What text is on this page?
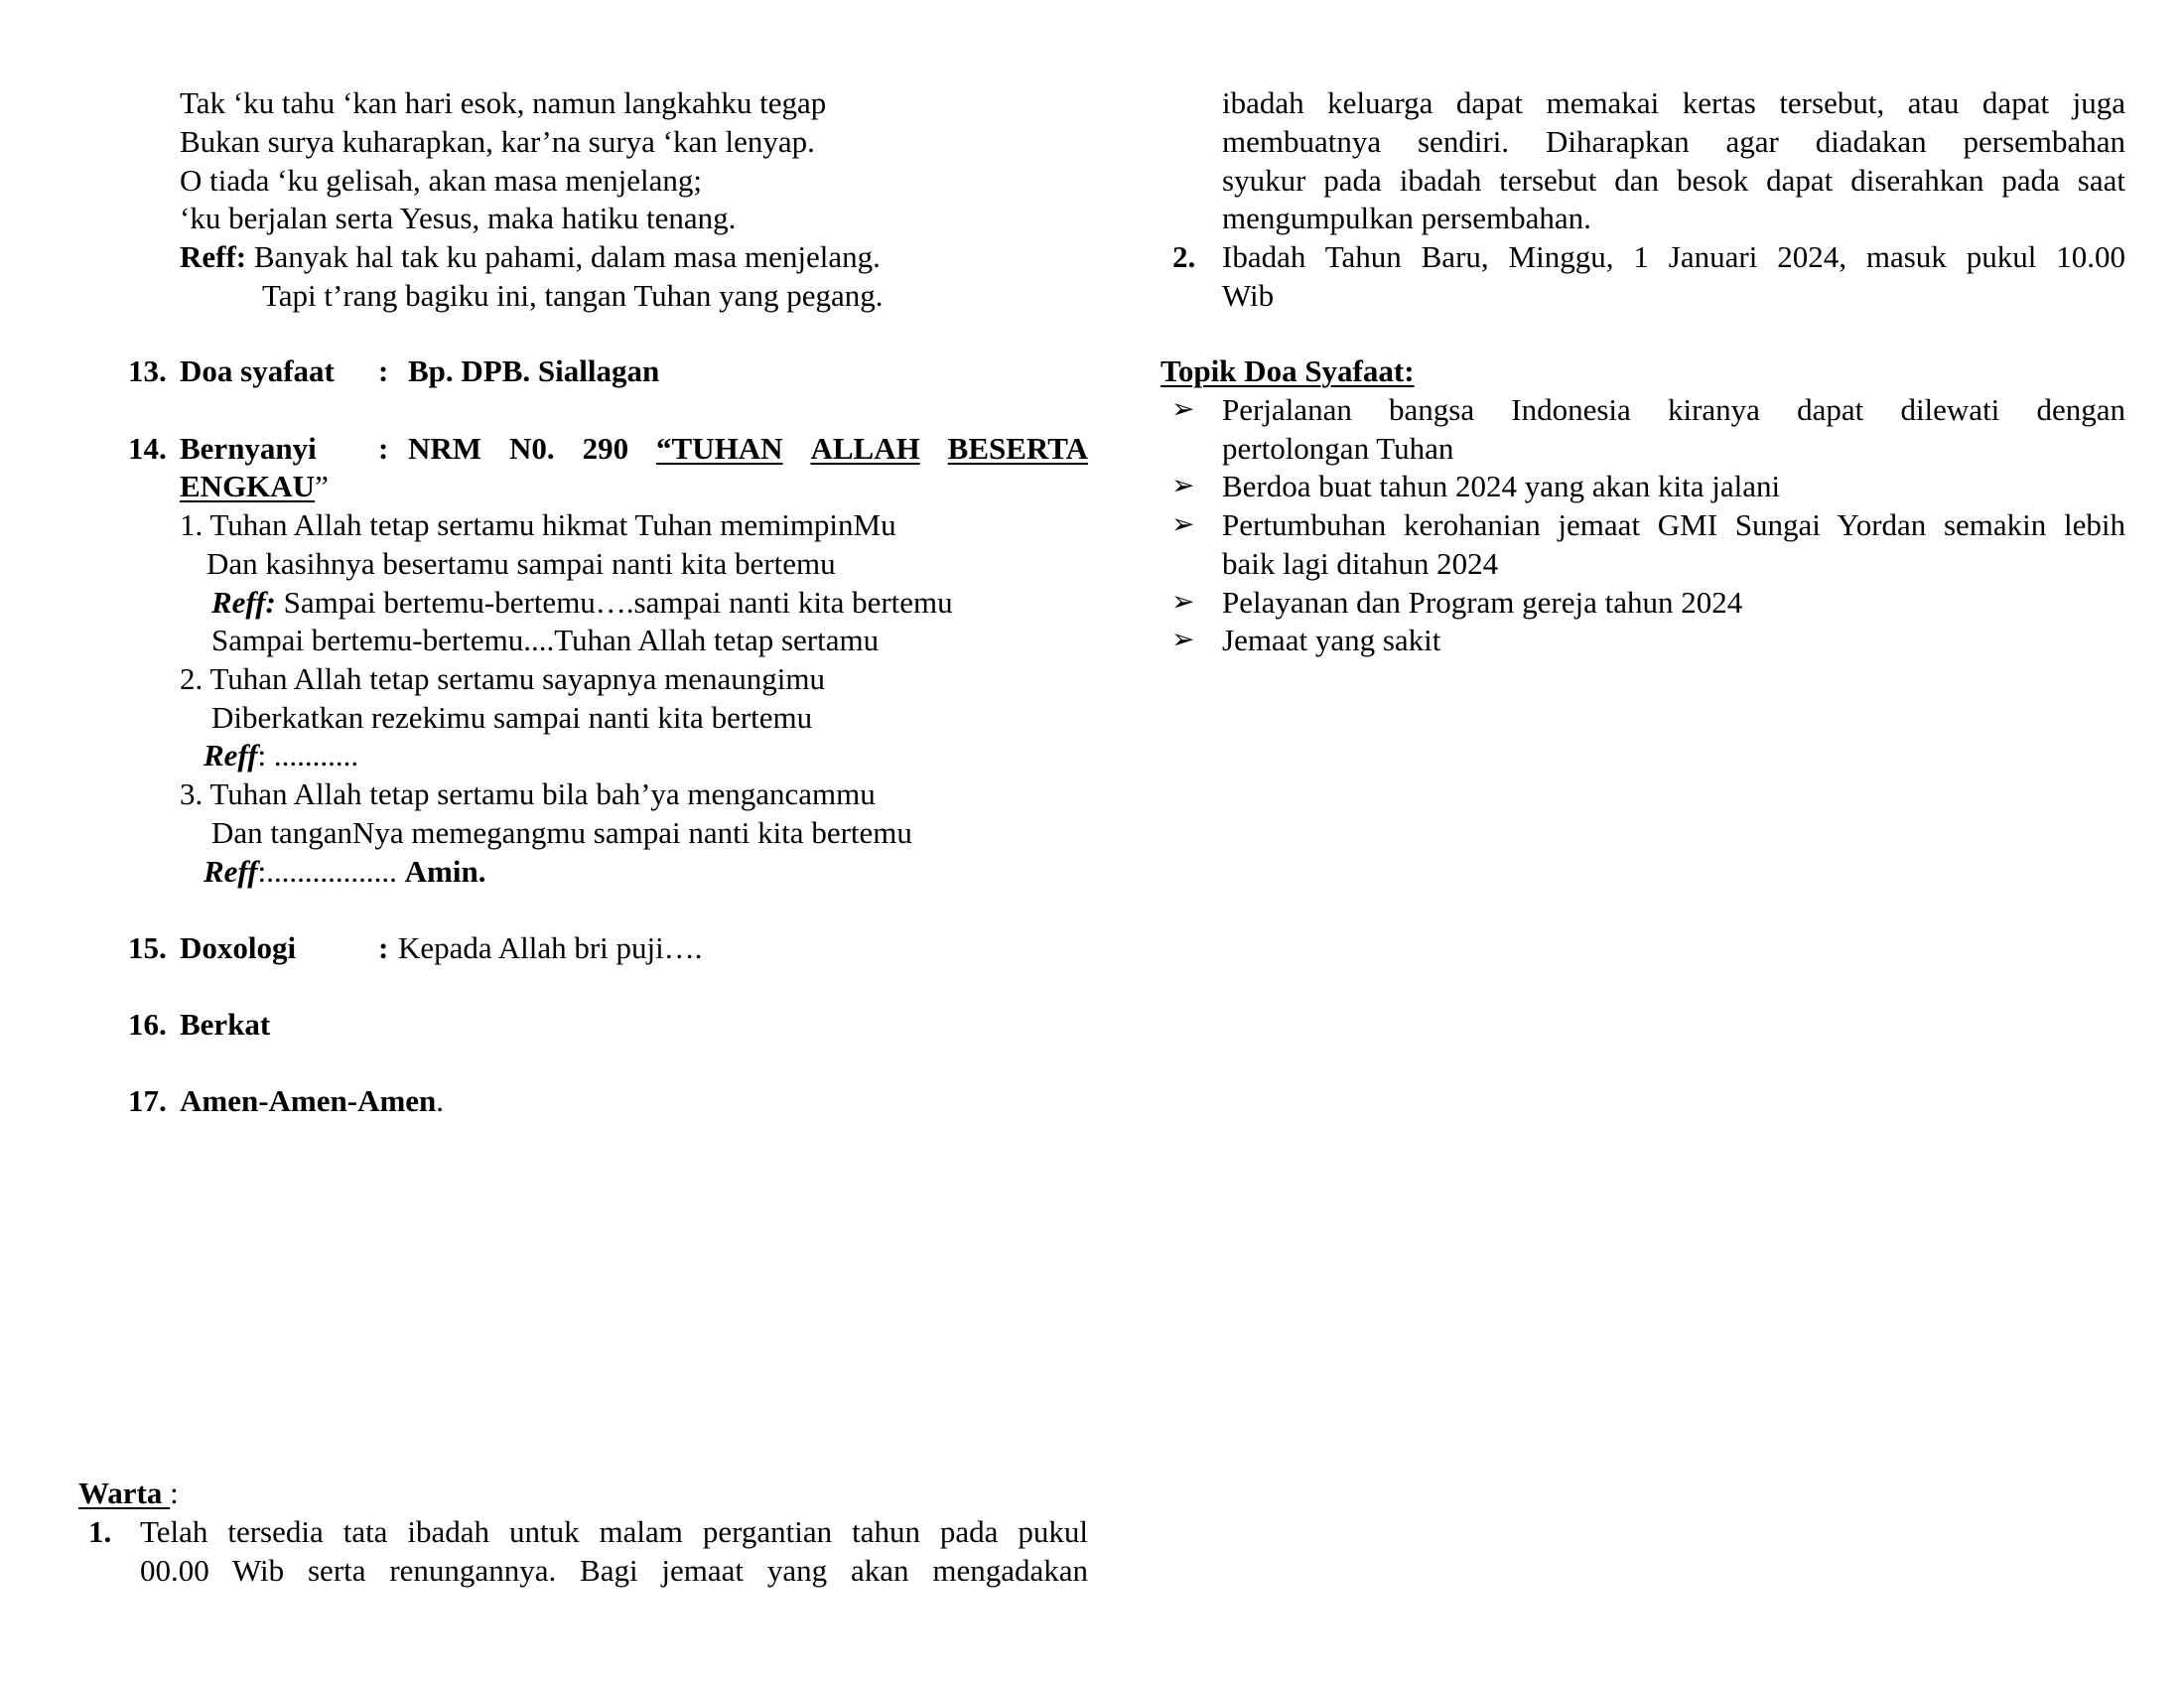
Tak ‘ku tahu ‘kan hari esok, namun langkahku tegap
Bukan surya kuharapkan, kar’na surya ‘kan lenyap.
O tiada ‘ku gelisah, akan masa menjelang;
‘ku berjalan serta Yesus, maka hatiku tenang.
Reff: Banyak hal tak ku pahami, dalam masa menjelang.
Tapi t’rang bagiku ini, tangan Tuhan yang pegang.
13. Doa syafaat : Bp. DPB. Siallagan
14. Bernyanyi : NRM N0. 290 “TUHAN ALLAH BESERTA
ENGKAU”
1. Tuhan Allah tetap sertamu hikmat Tuhan memimpinMu
Dan kasihnya besertamu sampai nanti kita bertemu
Reff: Sampai bertemu-bertemu….sampai nanti kita bertemu
Sampai bertemu-bertemu....Tuhan Allah tetap sertamu
2. Tuhan Allah tetap sertamu sayapnya menaungimu
Diberkatkan rezekimu sampai nanti kita bertemu
Reff: ...........
3. Tuhan Allah tetap sertamu bila bah’ya mengancammu
Dan tanganNya memegangmu sampai nanti kita bertemu
Reff:................. Amin.
15. Doxologi	: Kepada Allah bri puji….
16. Berkat
17. Amen-Amen-Amen.
Warta :
1. Telah tersedia tata ibadah untuk malam pergantian tahun pada pukul
00.00 Wib serta renungannya. Bagi jemaat yang akan mengadakan
ibadah keluarga dapat memakai kertas tersebut, atau dapat juga
membuatnya sendiri. Diharapkan agar diadakan persembahan
syukur pada ibadah tersebut dan besok dapat diserahkan pada saat
mengumpulkan persembahan.
2. Ibadah Tahun Baru, Minggu, 1 Januari 2024, masuk pukul 10.00
Wib
Topik Doa Syafaat:
➢ Perjalanan bangsa Indonesia kiranya dapat dilewati dengan
pertolongan Tuhan
➢ Berdoa buat tahun 2024 yang akan kita jalani
➢ Pertumbuhan kerohanian jemaat GMI Sungai Yordan semakin lebih
baik lagi ditahun 2024
➢ Pelayanan dan Program gereja tahun 2024
➢ Jemaat yang sakit
